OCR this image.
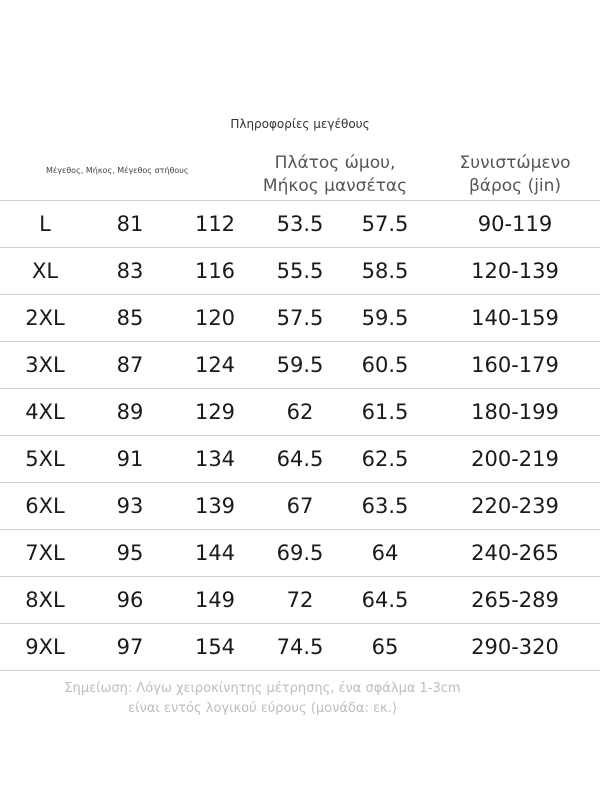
Πληροφορίες μεγέθους
Μέγεθος, Μήκος, Μέγεθος στήθους	Πλάτος ώμου,
Μήκος μανσέτας
Συνιστώμενο
βάρος (jin)
L	81	112	53.5	57.5	90-119
XL	83	116	55.5	58.5	120-139
2XL	85	120	57.5	59.5	140-159
3XL	87	124	59.5	60.5	160-179
4XL	89	129	62	61.5	180-199
5XL	91	134	64.5	62.5	200-219
6XL	93	139	67	63.5	220-239
7XL	95	144	69.5	64	240-265
8XL	96	149	72	64.5	265-289
9XL	97	154	74.5	65	290-320
Σημείωση: Λόγω χειροκίνητης μέτρησης, ένα σφάλμα 1-3cm
είναι εντός λογικού εύρους (μονάδα: εκ.)
